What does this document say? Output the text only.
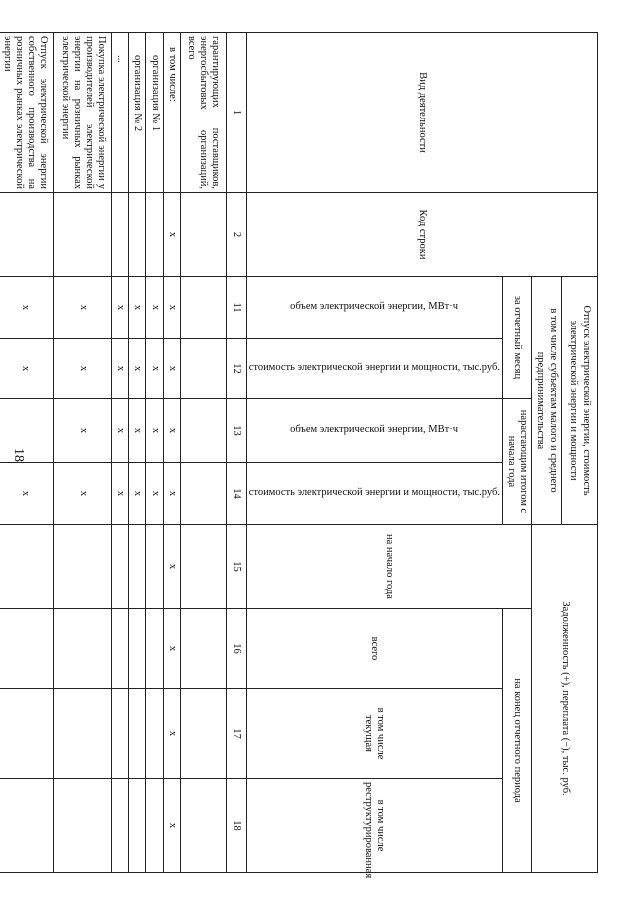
18
Вид деятельности	Код строки	Отпуск электрической энергии, стоимость электрической энергии и мощности				Задолженность (+), переплата (−), тыс. руб.			
		в том числе субъектам малого и среднего предпринимательства							
		за отчетный месяц		нарастающим итогом с начала года		на начало года	на конец отчетного периода		

		объем электрической энергии, МВт·ч	стоимость электрической энергии и мощности, тыс.руб.	объем электрической энергии, МВт·ч	стоимость электрической энергии и мощности, тыс.руб.		всего	в том числе текущая	в том числе реструктурированная
1	2	11	12	13	14	15	16	17	18
гарантирующих поставщиков, энергосбытовых организаций, всего									
в том числе:	x	x	x	x	x	x	x	x	x
организация № 1		x	x	x	x				
организация № 2		x	x	x	x				
...		x	x	x	x				
Покупка электрической энергии у производителей электрической энергии на розничных рынках электрической энергии		x	x	x	x				
Отпуск электрической энергии собственного производства на розничных рынках электрической энергии		x	x		x				
